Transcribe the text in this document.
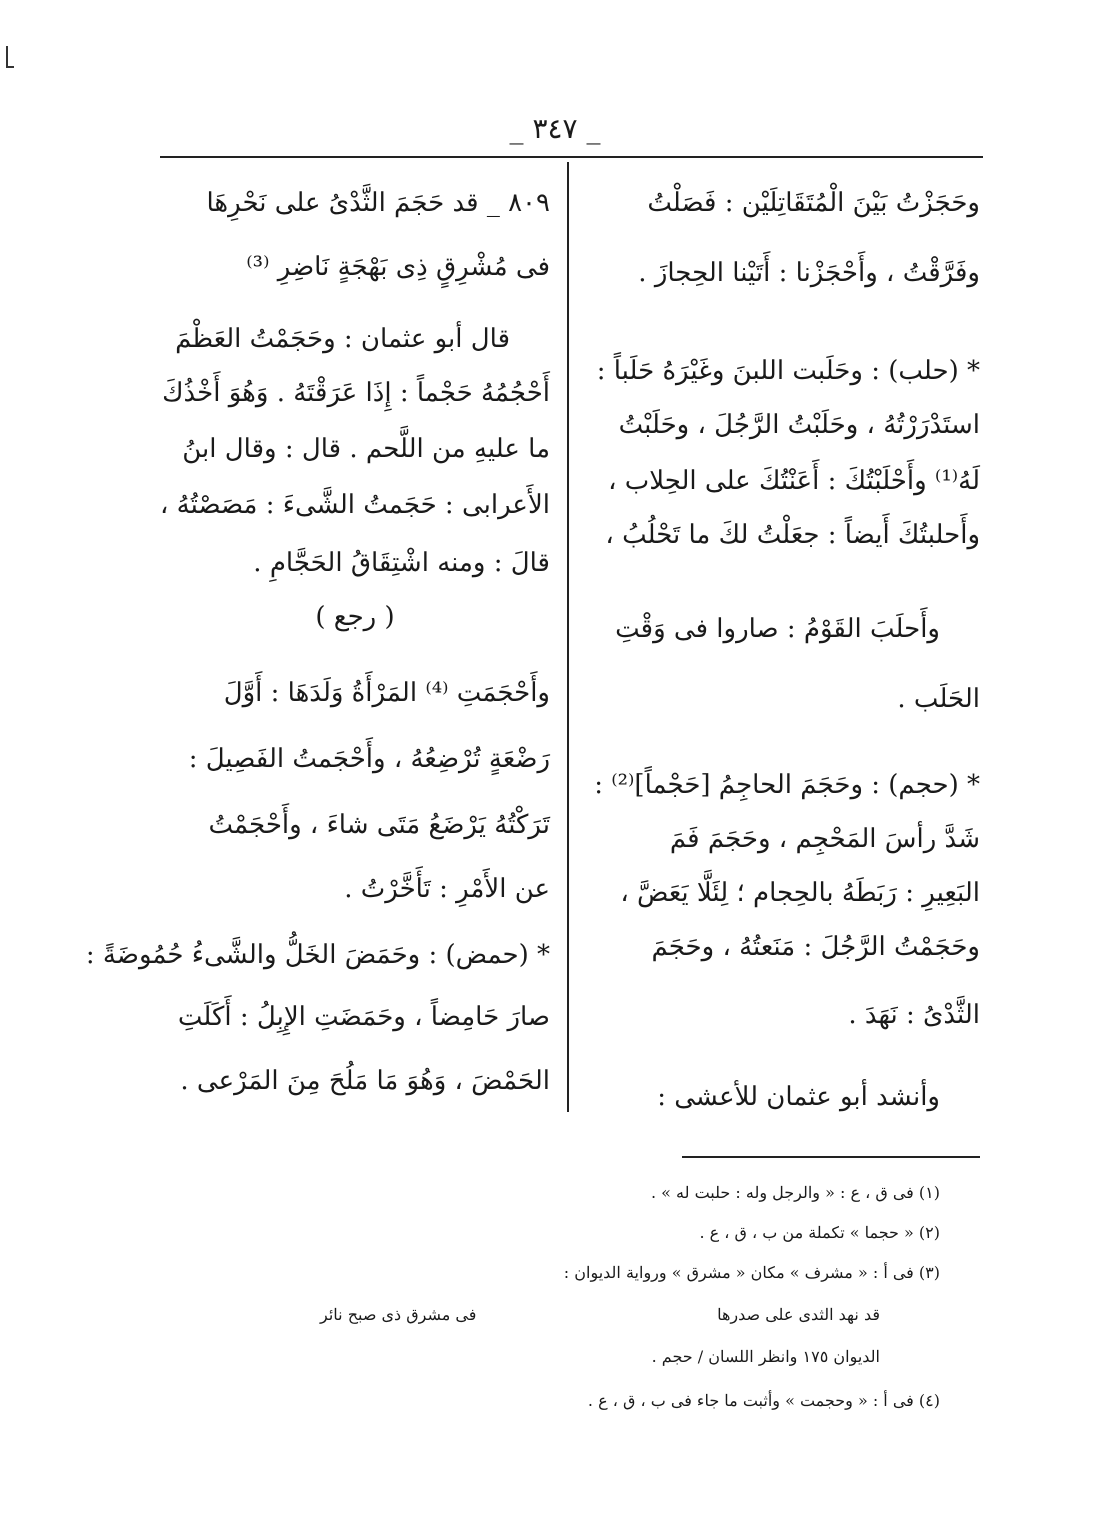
_ ٣٤٧ _
وحَجَزْتُ بَيْنَ الْمُتَقَاتِلَيْن : فَصَلْتُ
وفَرَّقْتُ ، وأَحْجَزْنا : أَتَيْنا الحِجازَ .
* (حلب) : وحَلَبت اللبنَ وغَيْرَهُ حَلَباً :
استَدْرَرْتُهُ ، وحَلَبْتُ الرَّجُلَ ، وحَلَبْتُ
لَهُ⁽¹⁾ وأَحْلَبْتُكَ : أَعَنْتُكَ على الحِلاب ،
وأَحلبتُكَ أَيضاً : جعَلْتُ لكَ ما تَحْلُبُ ،
وأَحلَبَ القَوْمُ : صاروا فى وَقْتِ
الحَلَب .
* (حجم) : وحَجَمَ الحاجِمُ [حَجْماً]⁽²⁾ :
شَدَّ رأسَ المَحْجِم ، وحَجَمَ فَمَ
البَعِيرِ : رَبَطَهُ بالحِجام ؛ لِئَلَّا يَعَضَّ ،
وحَجَمْتُ الرَّجُلَ : مَنَعتُهُ ، وحَجَمَ
الثَّدْىُ : نَهَدَ .
وأنشد أبو عثمان للأعشى :
٨٠٩ _ قد حَجَمَ الثَّدْىُ على نَحْرِهَا
فى مُشْرِقٍ ذِى بَهْجَةٍ نَاضِرِ ⁽³⁾
قال أبو عثمان : وحَجَمْتُ العَظْمَ
أَحْجُمُهُ حَجْماً : إِذَا عَرَقْتَهُ . وَهُوَ أَخْذُكَ
ما عليهِ من اللَّحم . قال : وقال ابنُ
الأَعرابى : حَجَمتُ الشَّىءَ : مَصَصْتُهُ ،
قالَ : ومنه اشْتِقَاقُ الحَجَّامِ .
( رجع )
وأَحْجَمَتِ ⁽⁴⁾ المَرْأَةُ وَلَدَهَا : أَوَّلَ
رَضْعَةٍ تُرْضِعُهُ ، وأَحْجَمتُ الفَصِيلَ :
تَرَكْتُهُ يَرْضَعُ مَتَى شاءَ ، وأَحْجَمْتُ
عن الأَمْرِ : تَأَخَّرْتُ .
* (حمض) : وحَمَضَ الخَلُّ والشَّىءُ حُمُوضَةً :
صارَ حَامِضاً ، وحَمَضَتِ الإِبِلُ : أَكَلَتِ
الحَمْضَ ، وَهُوَ مَا مَلُحَ مِنَ المَرْعى .
(١) فى ق ، ع : « والرجل وله : حلبت له » .
(٢) « حجما » تكملة من ب ، ق ، ع .
(٣) فى أ : « مشرف » مكان « مشرق » ورواية الديوان :
قد نهد الثدى على صدرها
فى مشرق ذى صبح نائر
الديوان ١٧٥ وانظر اللسان / حجم .
(٤) فى أ : « وحجمت » وأثبت ما جاء فى ب ، ق ، ع .
